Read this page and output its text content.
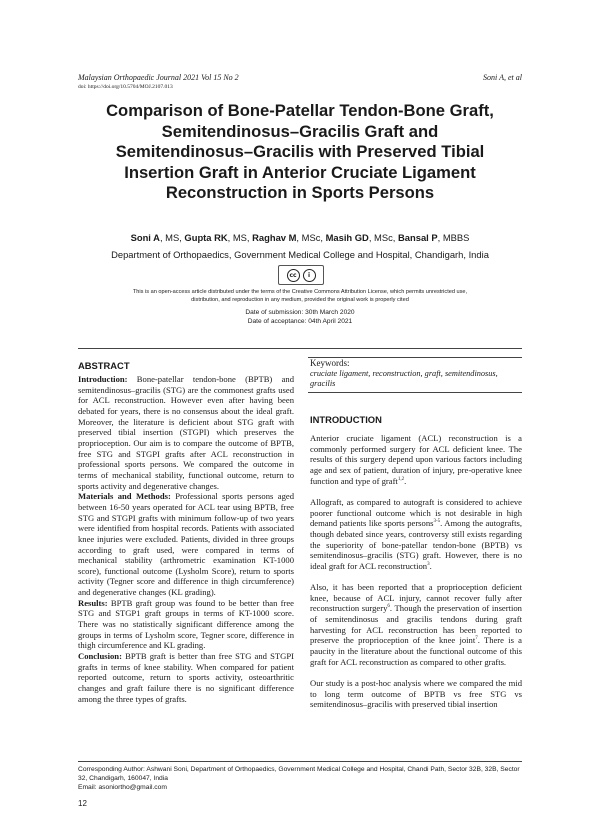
Malaysian Orthopaedic Journal 2021 Vol 15 No 2	Soni A, et al
doi: https://doi.org/10.5704/MOJ.2107.013
Comparison of Bone-Patellar Tendon-Bone Graft, Semitendinosus–Gracilis Graft and Semitendinosus–Gracilis with Preserved Tibial Insertion Graft in Anterior Cruciate Ligament Reconstruction in Sports Persons
Soni A, MS, Gupta RK, MS, Raghav M, MSc, Masih GD, MSc, Bansal P, MBBS
Department of Orthopaedics, Government Medical College and Hospital, Chandigarh, India
cc	i
This is an open-access article distributed under the terms of the Creative Commons Attribution License, which permits unrestricted use,
distribution, and reproduction in any medium, provided the original work is properly cited
Date of submission: 30th March 2020
Date of acceptance: 04th April 2021
ABSTRACT

Introduction: Bone-patellar tendon-bone (BPTB) and semitendinosus–gracilis (STG) are the commonest grafts used for ACL reconstruction. However even after having been debated for years, there is no consensus about the ideal graft. Moreover, the literature is deficient about STG graft with preserved tibial insertion (STGPI) which preserves the proprioception. Our aim is to compare the outcome of BPTB, free STG and STGPI grafts after ACL reconstruction in professional sports persons. We compared the outcome in terms of mechanical stability, functional outcome, return to sports activity and degenerative changes.

Materials and Methods: Professional sports persons aged between 16-50 years operated for ACL tear using BPTB, free STG and STGPI grafts with minimum follow-up of two years were identified from hospital records. Patients with associated knee injuries were excluded. Patients, divided in three groups according to graft used, were compared in terms of mechanical stability (arthrometric examination KT-1000 score), functional outcome (Lysholm Score), return to sports activity (Tegner score and difference in thigh circumference) and degenerative changes (KL grading).

Results: BPTB graft group was found to be better than free STG and STGP1 graft groups in terms of KT-1000 score. There was no statistically significant difference among the groups in terms of Lysholm score, Tegner score, difference in thigh circumference and KL grading.

Conclusion: BPTB graft is better than free STG and STGPI grafts in terms of knee stability. When compared for patient reported outcome, return to sports activity, osteoarthritic changes and graft failure there is no significant difference among the three types of grafts.

Keywords:
cruciate ligament, reconstruction, graft, semitendinosus, gracilis
INTRODUCTION

Anterior cruciate ligament (ACL) reconstruction is a commonly performed surgery for ACL deficient knee. The results of this surgery depend upon various factors including age and sex of patient, duration of injury, pre-operative knee function and type of graft$^{1,2}$.

Allograft, as compared to autograft is considered to achieve poorer functional outcome which is not desirable in high demand patients like sports persons$^{3-5}$. Among the autografts, though debated since years, controversy still exists regarding the superiority of bone-patellar tendon-bone (BPTB) vs semitendinosus–gracilis (STG) graft. However, there is no ideal graft for ACL reconstruction$^3$.

Also, it has been reported that a proprioception deficient knee, because of ACL injury, cannot recover fully after reconstruction surgery$^6$. Though the preservation of insertion of semitendinosus and gracilis tendons during graft harvesting for ACL reconstruction has been reported to preserve the proprioception of the knee joint$^7$. There is a paucity in the literature about the functional outcome of this graft for ACL reconstruction as compared to other grafts.

Our study is a post-hoc analysis where we compared the mid to long term outcome of BPTB vs free STG vs semitendinosus–gracilis with preserved tibial insertion

Corresponding Author: Ashwani Soni, Department of Orthopaedics, Government Medical College and Hospital, Chandi Path, Sector 32B, 32B, Sector 32, Chandigarh, 160047, India
Email: asoniortho@gmail.com
12
